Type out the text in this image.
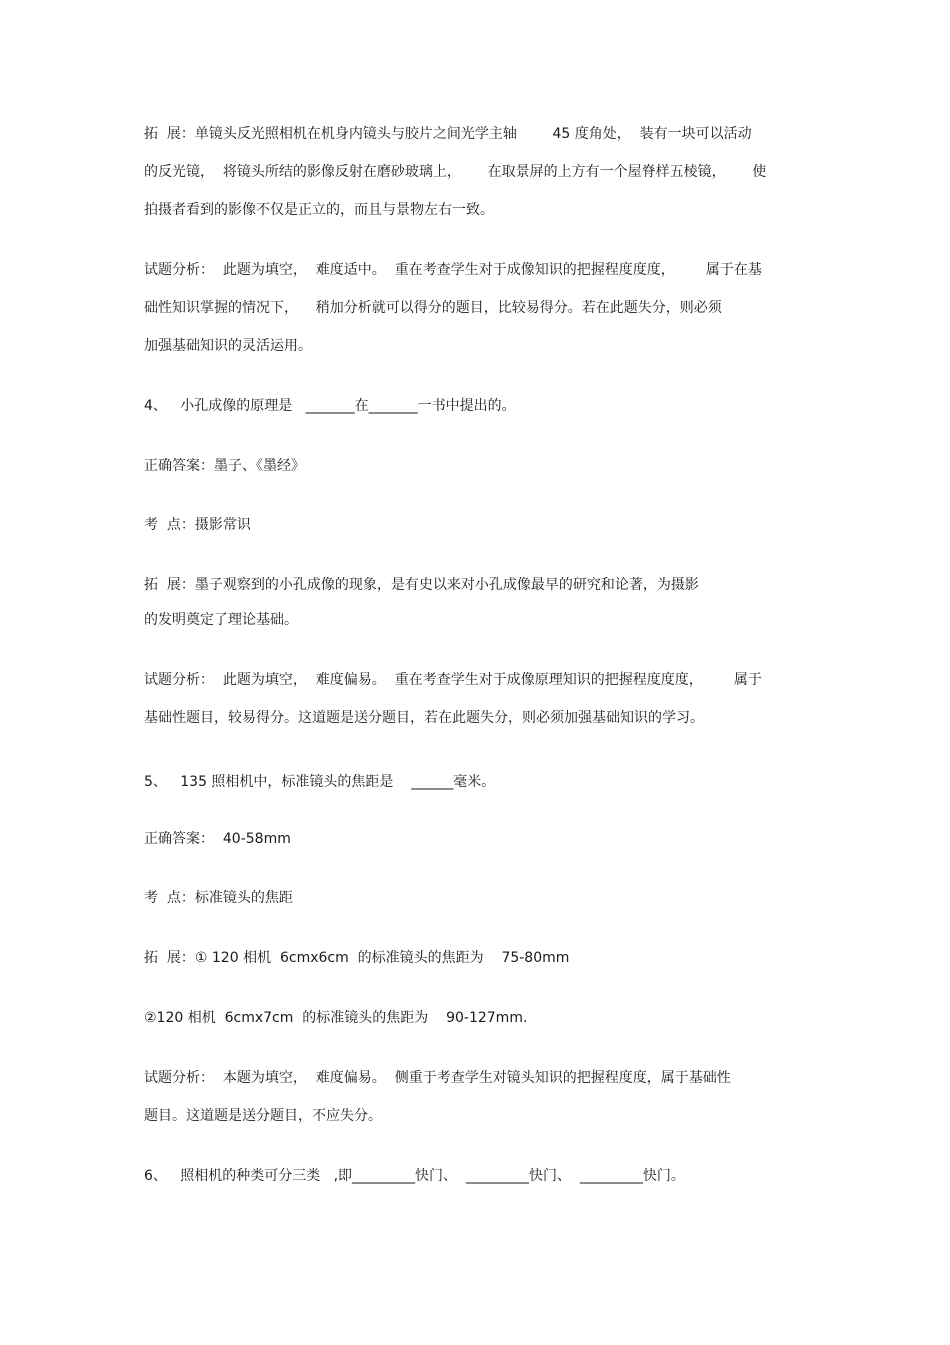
拓  展：单镜头反光照相机在机身内镜头与胶片之间光学主轴        45 度角处，  装有一块可以活动
的反光镜，  将镜头所结的影像反射在磨砂玻璃上，      在取景屏的上方有一个屋脊样五棱镜，      使
拍摄者看到的影像不仅是正立的，而且与景物左右一致。
试题分析：  此题为填空，  难度适中。  重在考查学生对于成像知识的把握程度度度，       属于在基
础性知识掌握的情况下，    稍加分析就可以得分的题目，比较易得分。若在此题失分，则必须
加强基础知识的灵活运用。
4、   小孔成像的原理是   _______在_______一书中提出的。
正确答案：墨子、《墨经》
考  点：摄影常识
拓  展：墨子观察到的小孔成像的现象，是有史以来对小孔成像最早的研究和论著，为摄影
的发明奠定了理论基础。
试题分析：  此题为填空，  难度偏易。  重在考查学生对于成像原理知识的把握程度度度，       属于
基础性题目，较易得分。这道题是送分题目，若在此题失分，则必须加强基础知识的学习。
5、   135 照相机中，标准镜头的焦距是    ______毫米。
正确答案：  40-58mm
考  点：标准镜头的焦距
拓  展：① 120 相机  6cmx6cm  的标准镜头的焦距为    75-80mm
②120 相机  6cmx7cm  的标准镜头的焦距为    90-127mm.
试题分析：  本题为填空，  难度偏易。  侧重于考查学生对镜头知识的把握程度度，属于基础性
题目。这道题是送分题目，不应失分。
6、   照相机的种类可分三类   ,即_________快门、  _________快门、  _________快门。
